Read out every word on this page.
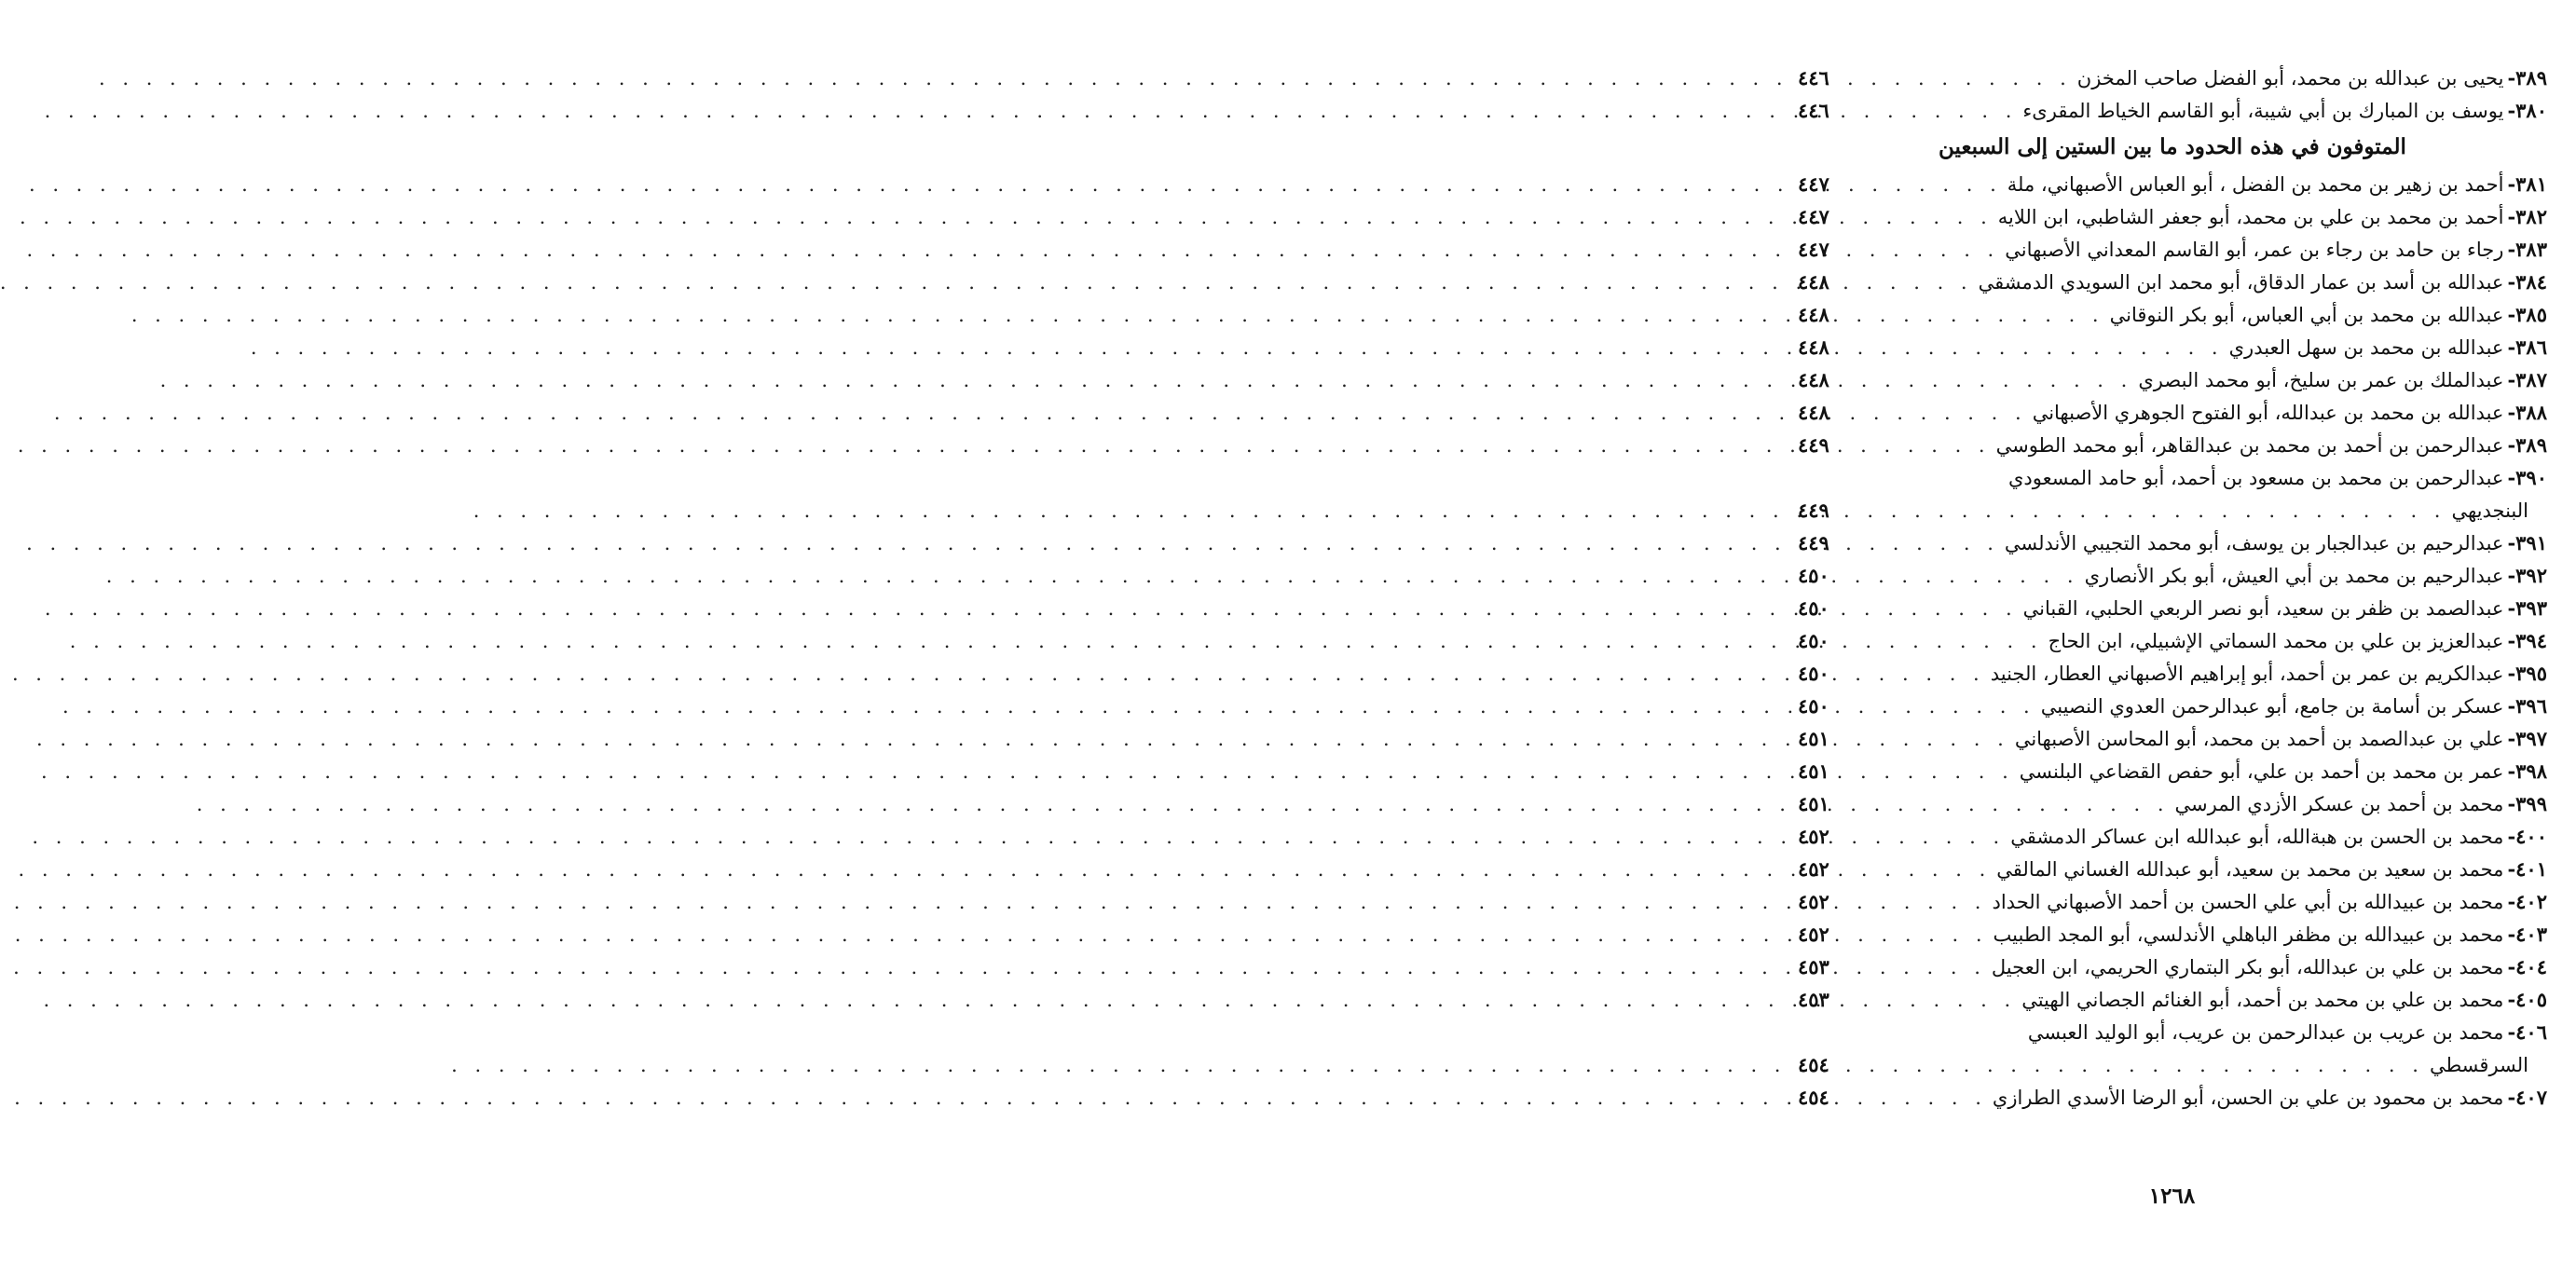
٣٨٩-
يحيى بن عبدالله بن محمد، أبو الفضل صاحب المخزن
. . .
٤٤٦
٣٨٠-
يوسف بن المبارك بن أبي شيبة، أبو القاسم الخياط المقرىء
. . .
٤٤٦
المتوفون في هذه الحدود ما بين الستين إلى السبعين
٣٨١-
أحمد بن زهير بن محمد بن الفضل ، أبو العباس الأصبهاني، ملة
. . .
٤٤٧
٣٨٢-
أحمد بن محمد بن علي بن محمد، أبو جعفر الشاطبي، ابن اللايه
. . .
٤٤٧
٣٨٣-
رجاء بن حامد بن رجاء بن عمر، أبو القاسم المعداني الأصبهاني
. . .
٤٤٧
٣٨٤-
عبدالله بن أسد بن عمار الدقاق، أبو محمد ابن السويدي الدمشقي
. . .
٤٤٨
٣٨٥-
عبدالله بن محمد بن أبي العباس، أبو بكر النوقاني
. . .
٤٤٨
٣٨٦-
عبدالله بن محمد بن سهل العبدري
. . .
٤٤٨
٣٨٧-
عبدالملك بن عمر بن سليخ، أبو محمد البصري
. . .
٤٤٨
٣٨٨-
عبدالله بن محمد بن عبدالله، أبو الفتوح الجوهري الأصبهاني
. . .
٤٤٨
٣٨٩-
عبدالرحمن بن أحمد بن محمد بن عبدالقاهر، أبو محمد الطوسي
. . .
٤٤٩
٣٩٠-
عبدالرحمن بن محمد بن مسعود بن أحمد، أبو حامد المسعودي
البنجديهي
. . .
٤٤٩
٣٩١-
عبدالرحيم بن عبدالجبار بن يوسف، أبو محمد التجيبي الأندلسي
. . .
٤٤٩
٣٩٢-
عبدالرحيم بن محمد بن أبي العيش، أبو بكر الأنصاري
. . .
٤٥٠
٣٩٣-
عبدالصمد بن ظفر بن سعيد، أبو نصر الربعي الحلبي، القباني
. . .
٤٥٠
٣٩٤-
عبدالعزيز بن علي بن محمد السماتي الإشبيلي، ابن الحاج
. . .
٤٥٠
٣٩٥-
عبدالكريم بن عمر بن أحمد، أبو إبراهيم الأصبهاني العطار، الجنيد
. . .
٤٥٠
٣٩٦-
عسكر بن أسامة بن جامع، أبو عبدالرحمن العدوي النصيبي
. . .
٤٥٠
٣٩٧-
علي بن عبدالصمد بن أحمد بن محمد، أبو المحاسن الأصبهاني
. . .
٤٥١
٣٩٨-
عمر بن محمد بن أحمد بن علي، أبو حفص القضاعي البلنسي
. . .
٤٥١
٣٩٩-
محمد بن أحمد بن عسكر الأزدي المرسي
. . .
٤٥١
٤٠٠-
محمد بن الحسن بن هبةالله، أبو عبدالله ابن عساكر الدمشقي
. . .
٤٥٢
٤٠١-
محمد بن سعيد بن محمد بن سعيد، أبو عبدالله الغساني المالقي
. . .
٤٥٢
٤٠٢-
محمد بن عبيدالله بن أبي علي الحسن بن أحمد الأصبهاني الحداد
. . .
٤٥٢
٤٠٣-
محمد بن عبيدالله بن مظفر الباهلي الأندلسي، أبو المجد الطبيب
. . .
٤٥٢
٤٠٤-
محمد بن علي بن عبدالله، أبو بكر البتماري الحريمي، ابن العجيل
. . .
٤٥٣
٤٠٥-
محمد بن علي بن محمد بن أحمد، أبو الغنائم الجصاني الهيتي
. . .
٤٥٣
٤٠٦-
محمد بن عريب بن عبدالرحمن بن عريب، أبو الوليد العبسي
السرقسطي
. . .
٤٥٤
٤٠٧-
محمد بن محمود بن علي بن الحسن، أبو الرضا الأسدي الطرازي
. . .
٤٥٤
١٢٦٨
